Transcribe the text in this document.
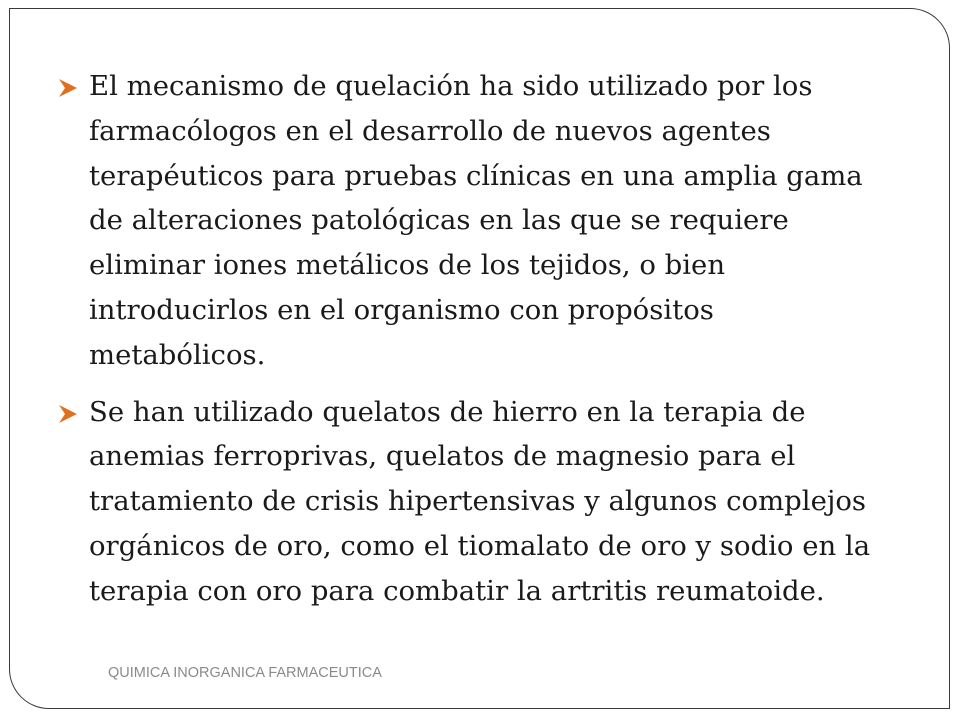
El mecanismo de quelación ha sido utilizado por los farmacólogos en el desarrollo de nuevos agentes terapéuticos para pruebas clínicas en una amplia gama de alteraciones patológicas en las que se requiere eliminar iones metálicos de los tejidos, o bien introducirlos en el organismo con propósitos metabólicos.
Se han utilizado quelatos de hierro en la terapia de anemias ferroprivas, quelatos de magnesio para el tratamiento de crisis hipertensivas y algunos complejos orgánicos de oro, como el tiomalato de oro y sodio en la terapia con oro para combatir la artritis reumatoide.
QUIMICA INORGANICA FARMACEUTICA
